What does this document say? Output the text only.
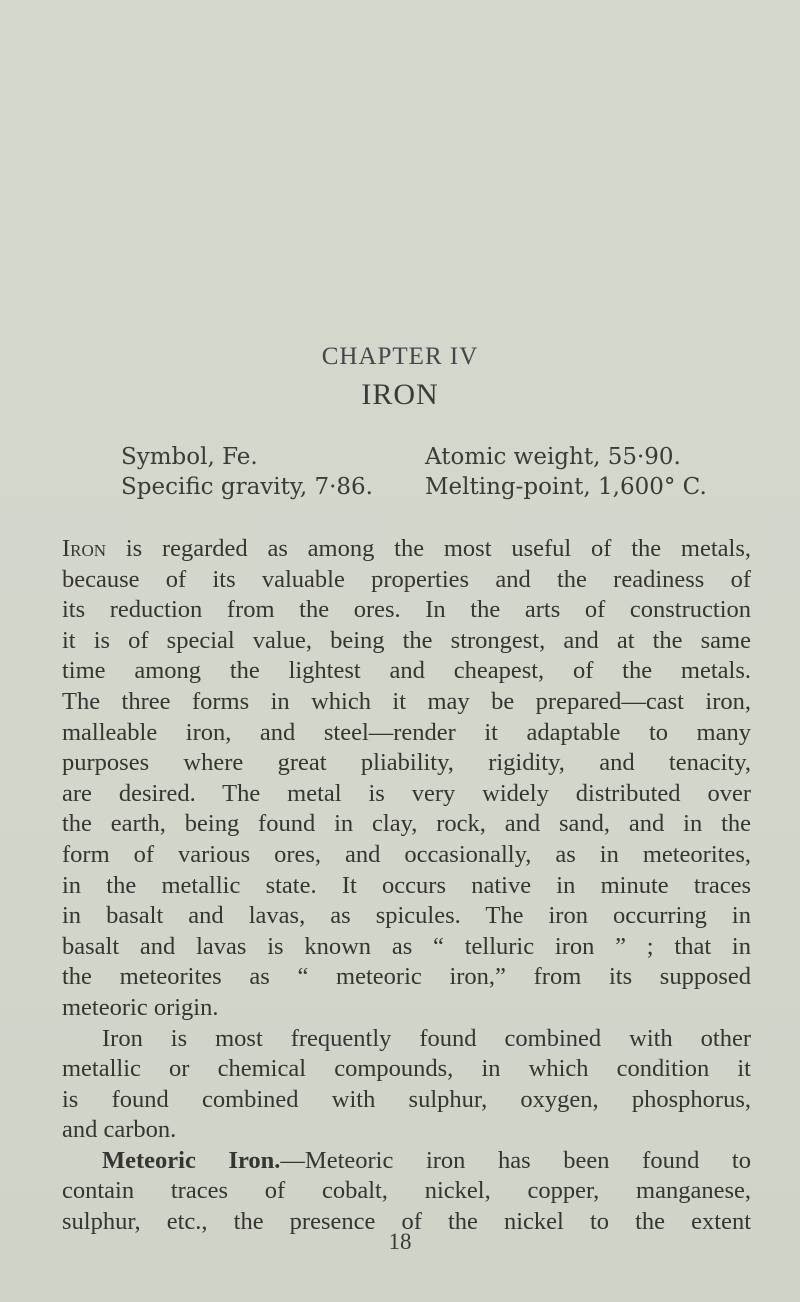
CHAPTER IV
IRON
Symbol, Fe.	Atomic weight, 55·90.
Specific gravity, 7·86. Melting-point, 1,600° C.
Iron is regarded as among the most useful of the metals,
because of its valuable properties and the readiness of
its reduction from the ores. In the arts of construction
it is of special value, being the strongest, and at the same
time among the lightest and cheapest, of the metals.
The three forms in which it may be prepared—cast iron,
malleable iron, and steel—render it adaptable to many
purposes where great pliability, rigidity, and tenacity,
are desired. The metal is very widely distributed over
the earth, being found in clay, rock, and sand, and in the
form of various ores, and occasionally, as in meteorites,
in the metallic state. It occurs native in minute traces
in basalt and lavas, as spicules. The iron occurring in
basalt and lavas is known as “ telluric iron ” ; that in
the meteorites as “ meteoric iron,” from its supposed
meteoric origin.
Iron is most frequently found combined with other
metallic or chemical compounds, in which condition it
is found combined with sulphur, oxygen, phosphorus,
and carbon.
Meteoric Iron.—Meteoric iron has been found to
contain traces of cobalt, nickel, copper, manganese,
sulphur, etc., the presence of the nickel to the extent
18
